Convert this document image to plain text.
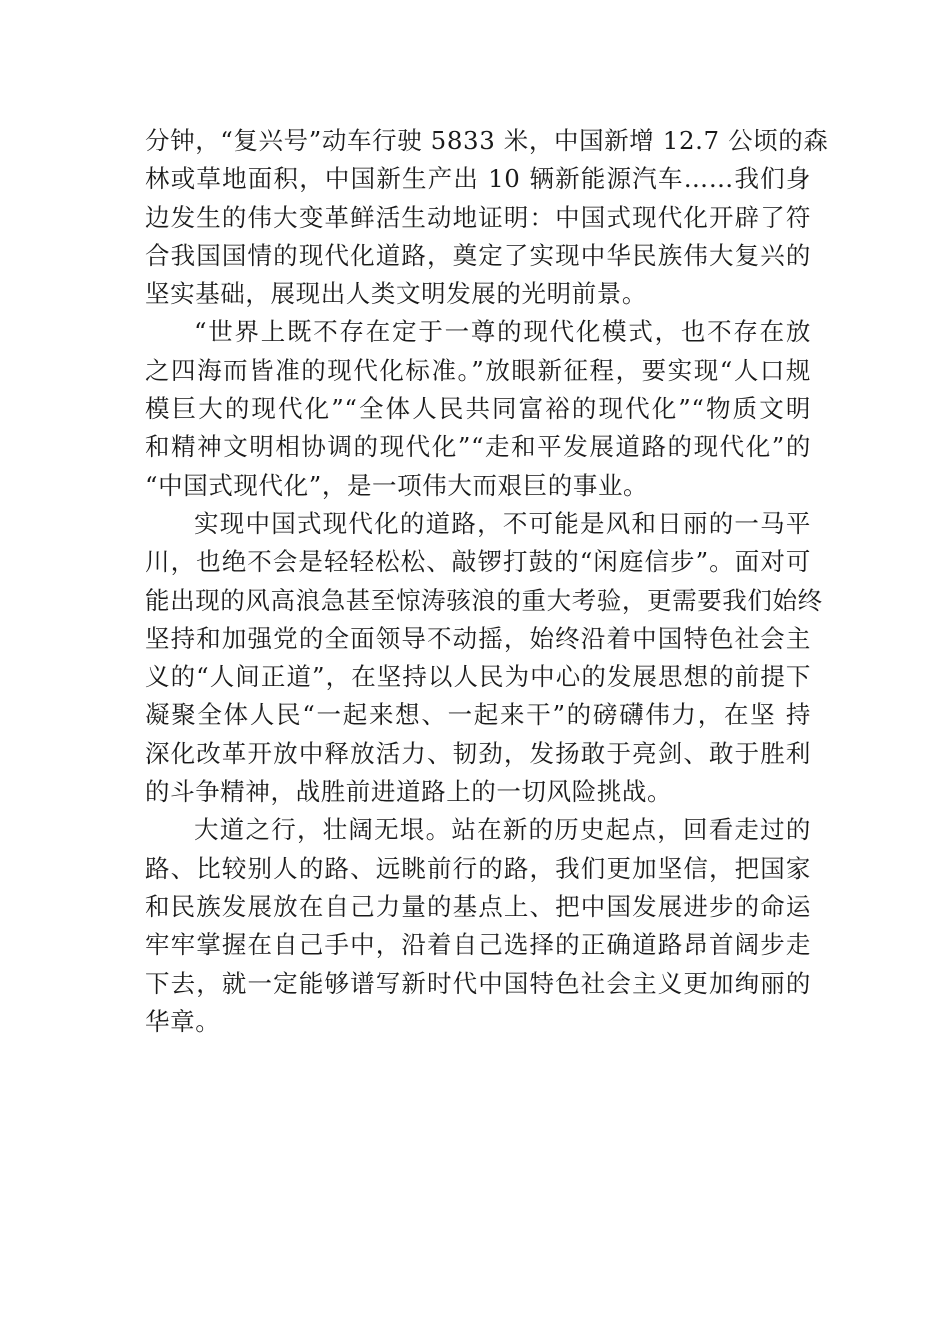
分钟，“复兴号”动车行驶 5833 米，中国新增 12.7 公顷的森
林或草地面积，中国新生产出 10 辆新能源汽车……我们身
边发生的伟大变革鲜活生动地证明：中国式现代化开辟了符
合我国国情的现代化道路，奠定了实现中华民族伟大复兴的
坚实基础，展现出人类文明发展的光明前景。

“世界上既不存在定于一尊的现代化模式，也不存在放
之四海而皆准的现代化标准。”放眼新征程，要实现“人口规
模巨大的现代化”“全体人民共同富裕的现代化”“物质文明
和精神文明相协调的现代化”“走和平发展道路的现代化”的
“中国式现代化”，是一项伟大而艰巨的事业。

实现中国式现代化的道路，不可能是风和日丽的一马平
川，也绝不会是轻轻松松、敲锣打鼓的“闲庭信步”。面对可
能出现的风高浪急甚至惊涛骇浪的重大考验，更需要我们始终
坚持和加强党的全面领导不动摇，始终沿着中国特色社会主
义的“人间正道”，在坚持以人民为中心的发展思想的前提下
凝聚全体人民“一起来想、一起来干”的磅礴伟力，在坚 持
深化改革开放中释放活力、韧劲，发扬敢于亮剑、敢于胜利
的斗争精神，战胜前进道路上的一切风险挑战。

大道之行，壮阔无垠。站在新的历史起点，回看走过的
路、比较别人的路、远眺前行的路，我们更加坚信，把国家
和民族发展放在自己力量的基点上、把中国发展进步的命运
牢牢掌握在自己手中，沿着自己选择的正确道路昂首阔步走
下去，就一定能够谱写新时代中国特色社会主义更加绚丽的
华章。
